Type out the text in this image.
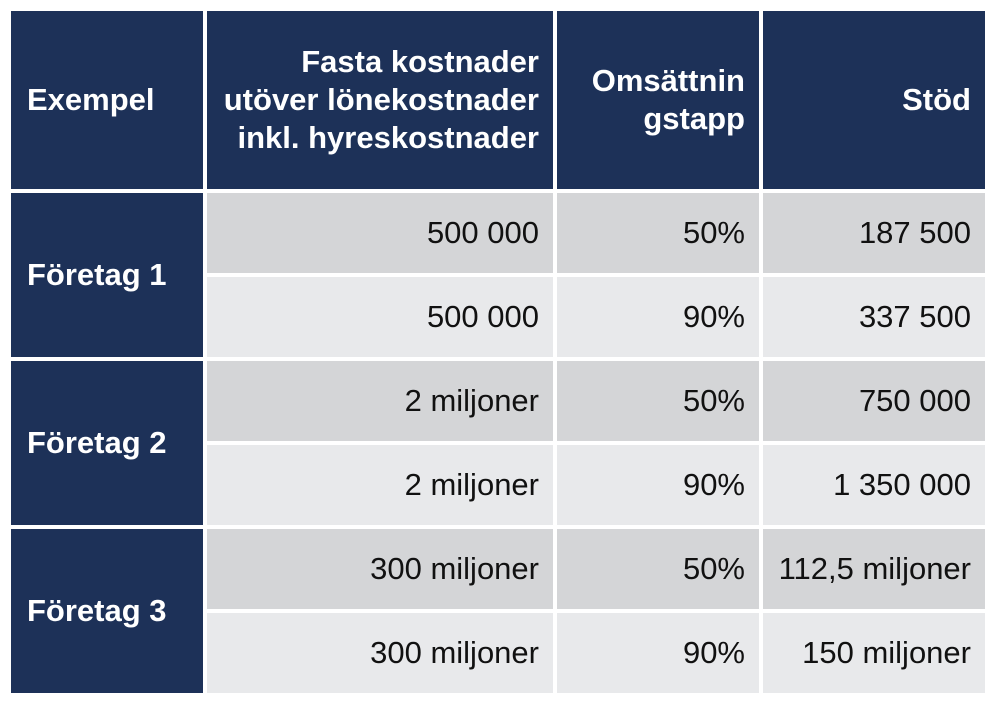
Exempel	Fasta kostnader utöver lönekostnader inkl. hyreskostnader	Omsättnin gstapp	Stöd
Företag 1	500 000	50%	187 500
	500 000	90%	337 500
Företag 2	2 miljoner	50%	750 000
	2 miljoner	90%	1 350 000
Företag 3	300 miljoner	50%	112,5 miljoner
	300 miljoner	90%	150 miljoner
